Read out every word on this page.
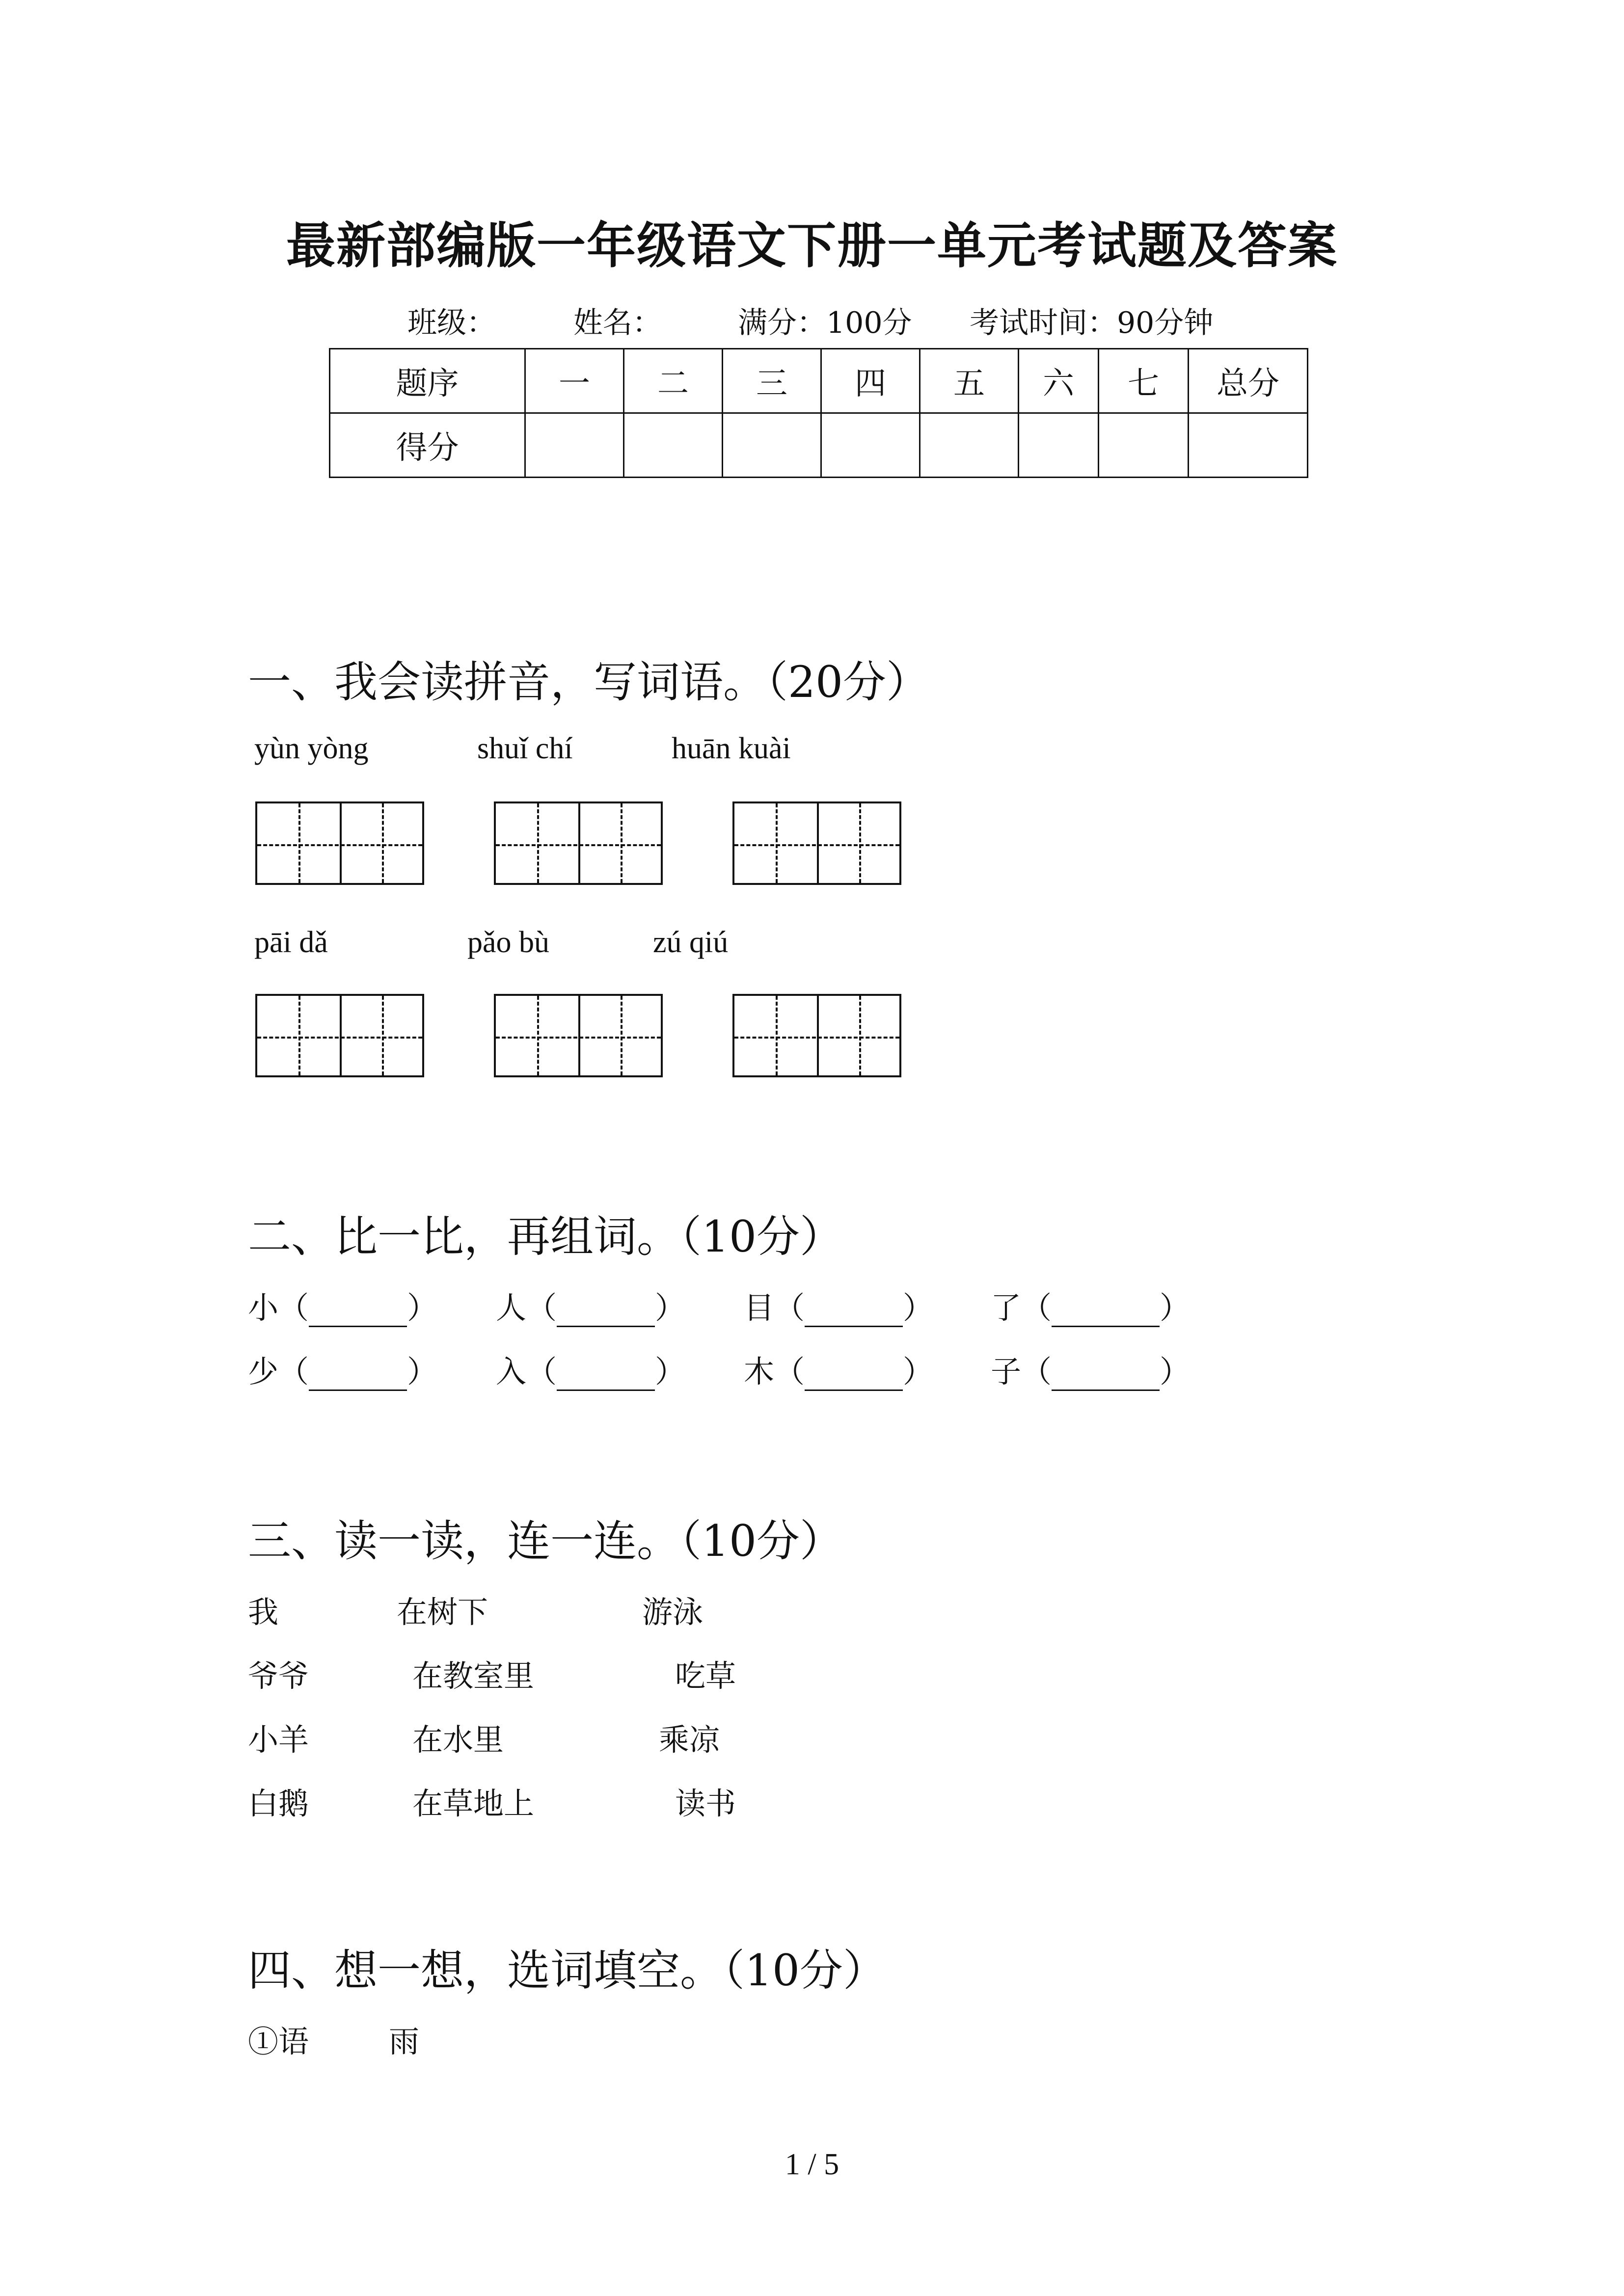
最新部编版一年级语文下册一单元考试题及答案
班级：	姓名：	满分：100分 考试时间：90分钟
题序	一	二	三	四	五	六	七	总分
得分								
一、我会读拼音，写词语。（20分）
yùn yòng	shuǐ chí	huān kuài
pāi dǎ	pǎo bù	zú qiú
二、比一比，再组词。（10分）
小（	） 人（	） 目（	） 了（	）
少（	） 入（	） 木（	） 子（	）
三、读一读，连一连。（10分）
我	在树下	游泳
爷爷	在教室里	吃草
小羊	在水里	乘凉
白鹅	在草地上	读书
四、想一想，选词填空。（10分）
①语	雨
1 / 5
